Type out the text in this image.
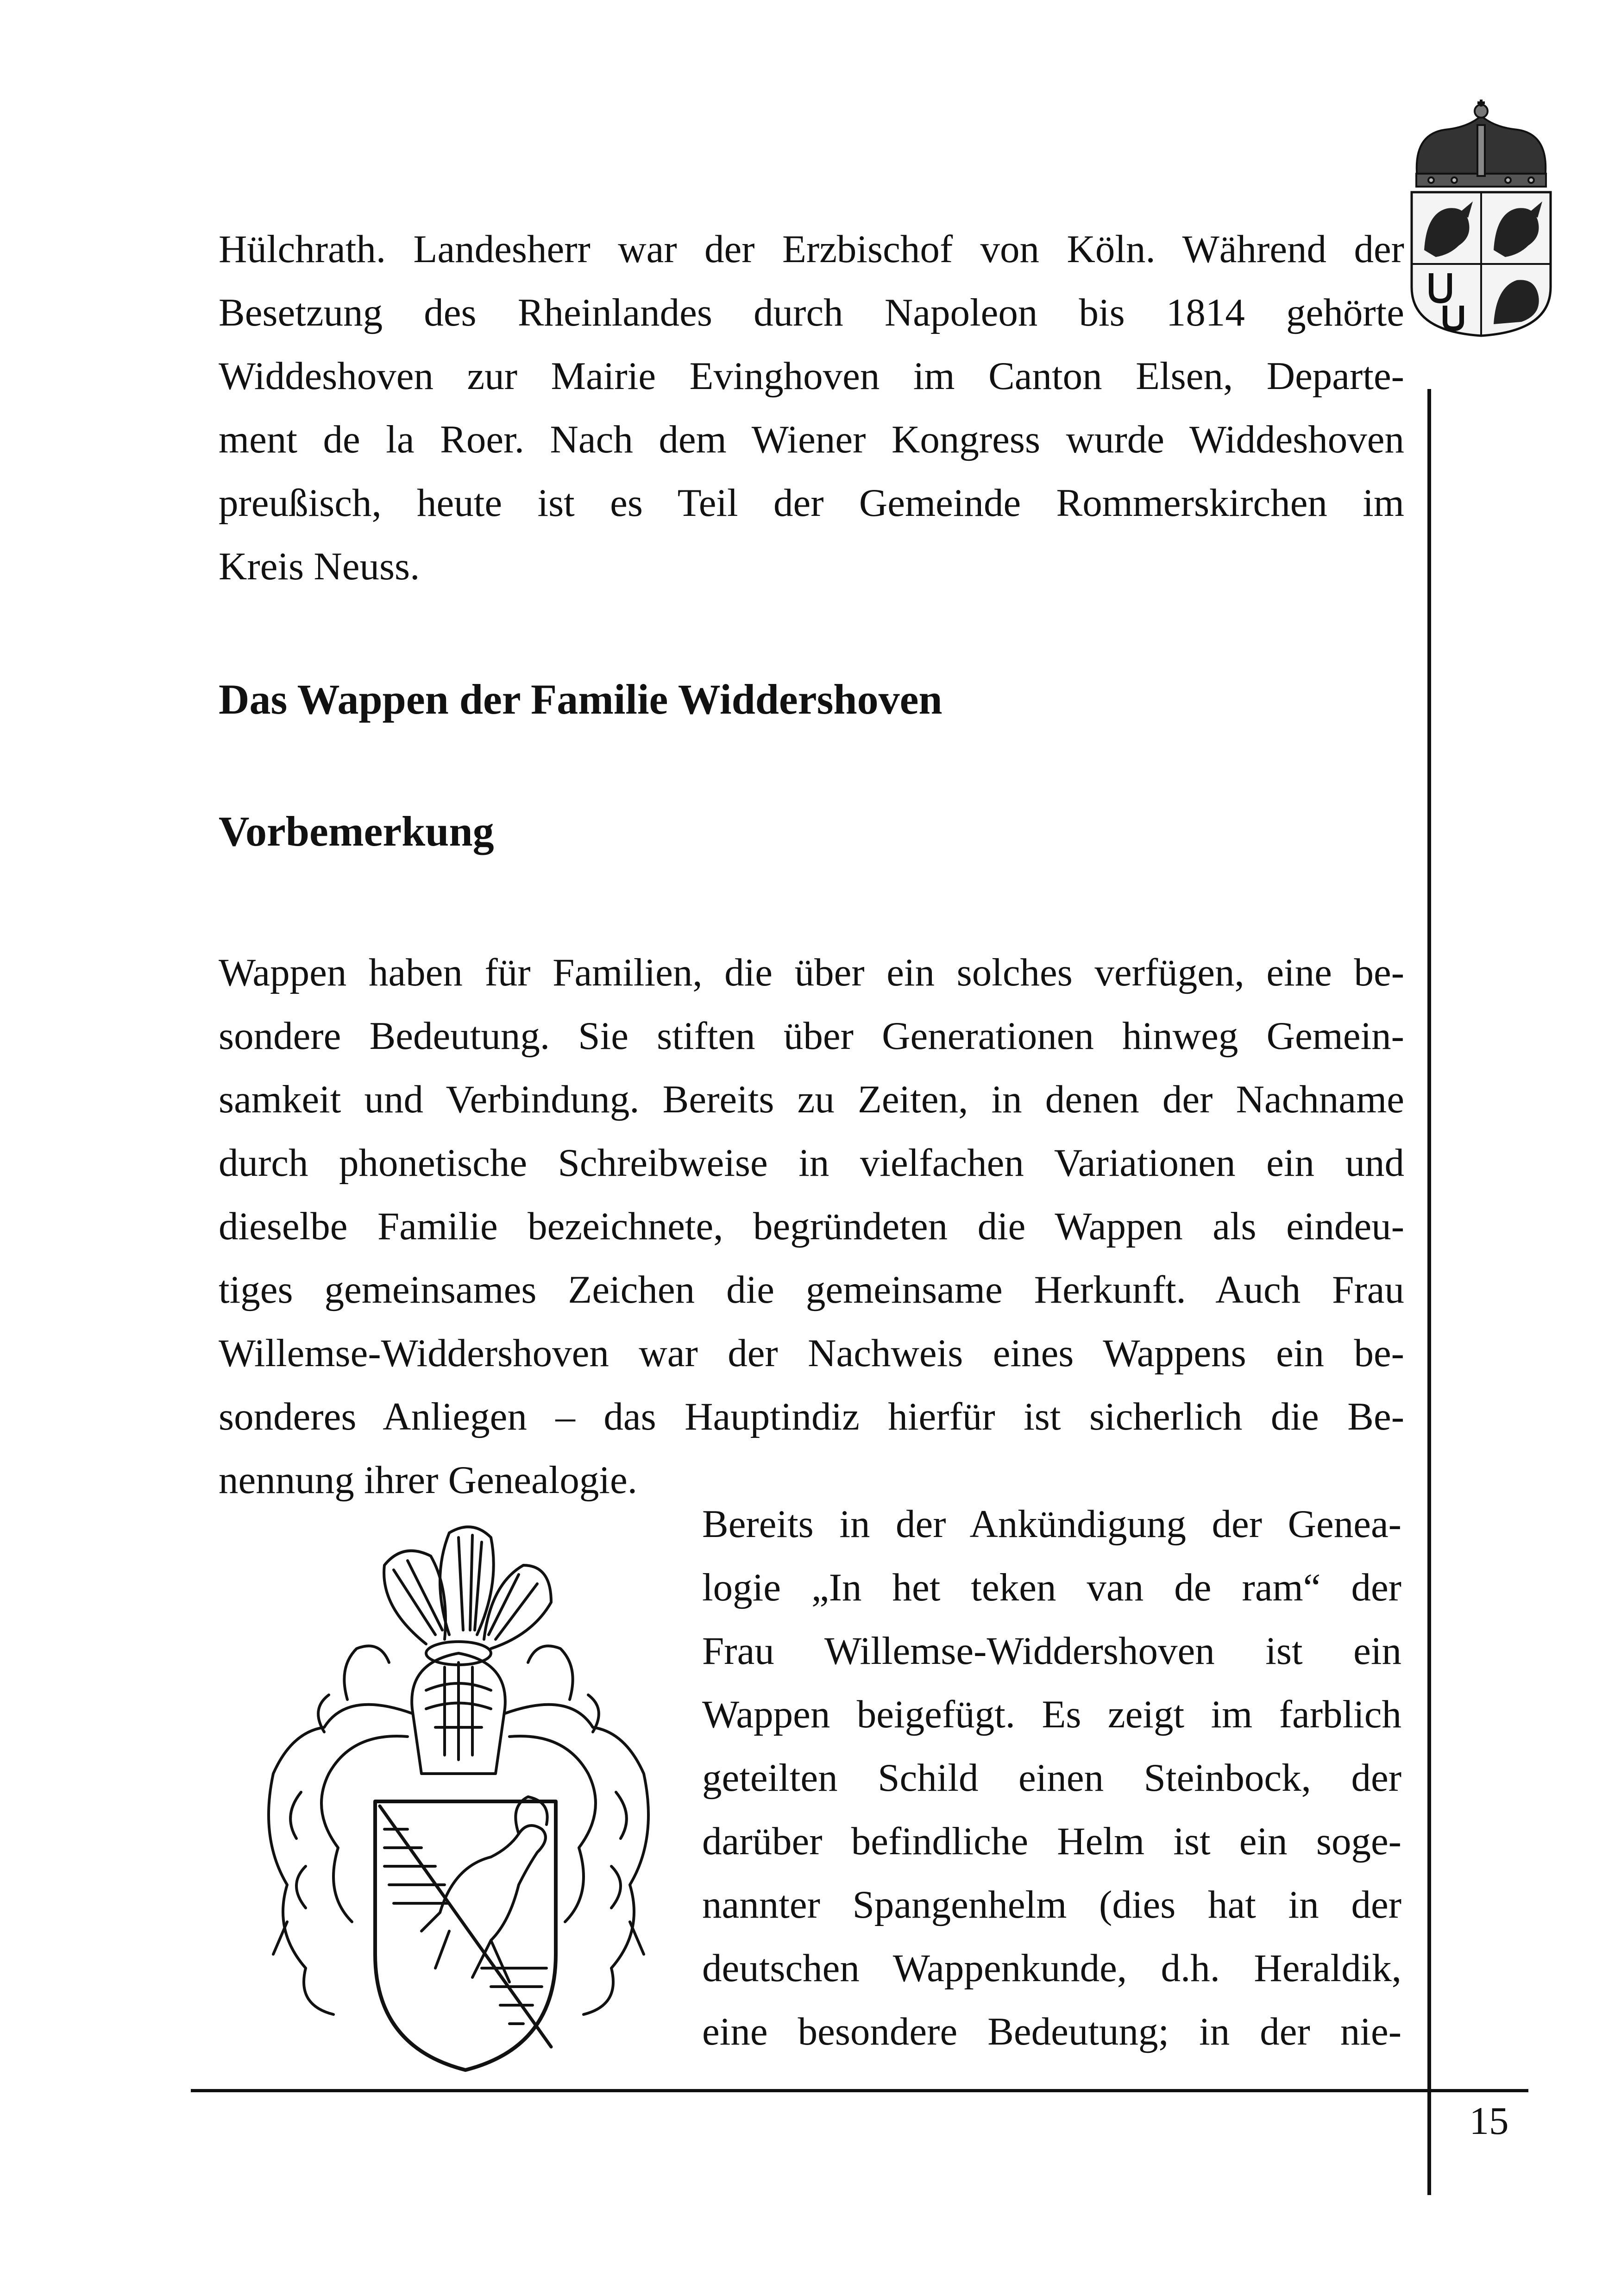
Hülchrath. Landesherr war der Erzbischof von Köln. Während der

Besetzung des Rheinlandes durch Napoleon bis 1814 gehörte

Widdeshoven zur Mairie Evinghoven im Canton Elsen, Departe-

ment de la Roer. Nach dem Wiener Kongress wurde Widdeshoven

preußisch, heute ist es Teil der Gemeinde Rommerskirchen im

Kreis Neuss.

Das Wappen der Familie Widdershoven
Vorbemerkung

Wappen haben für Familien, die über ein solches verfügen, eine be-

sondere Bedeutung. Sie stiften über Generationen hinweg Gemein-

samkeit und Verbindung. Bereits zu Zeiten, in denen der Nachname

durch phonetische Schreibweise in vielfachen Variationen ein und

dieselbe Familie bezeichnete, begründeten die Wappen als eindeu-

tiges gemeinsames Zeichen die gemeinsame Herkunft. Auch Frau

Willemse-Widdershoven war der Nachweis eines Wappens ein be-

sonderes Anliegen – das Hauptindiz hierfür ist sicherlich die Be-

nennung ihrer Genealogie.

Bereits in der Ankündigung der Genea-

logie „In het teken van de ram“ der

Frau Willemse-Widdershoven ist ein

Wappen beigefügt. Es zeigt im farblich

geteilten Schild einen Steinbock, der

darüber befindliche Helm ist ein soge-

nannter Spangenhelm (dies hat in der

deutschen Wappenkunde, d.h. Heraldik,

eine besondere Bedeutung; in der nie-

15
